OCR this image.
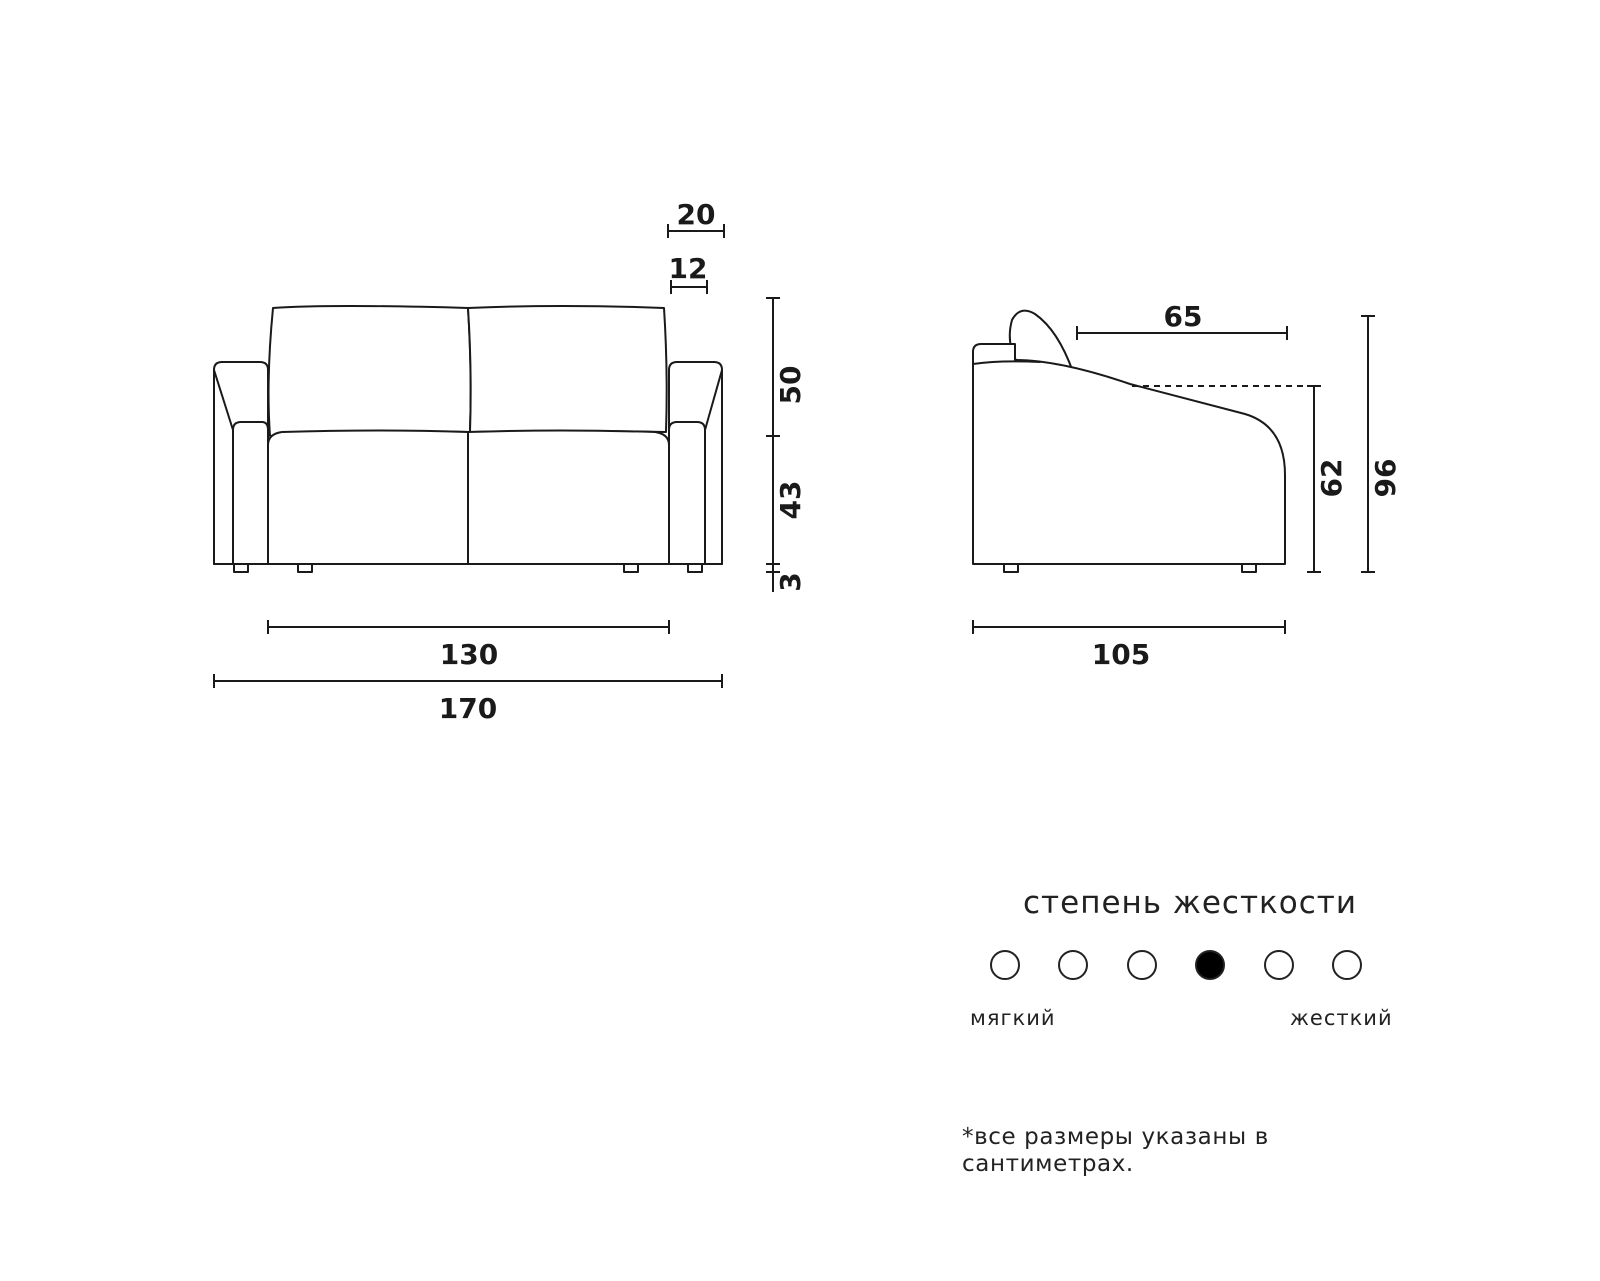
20
12
50
43
3
130
170
65
62 96
105
степень жесткости
мягкий	жесткий
*все размеры указаны в сантиметрах.
